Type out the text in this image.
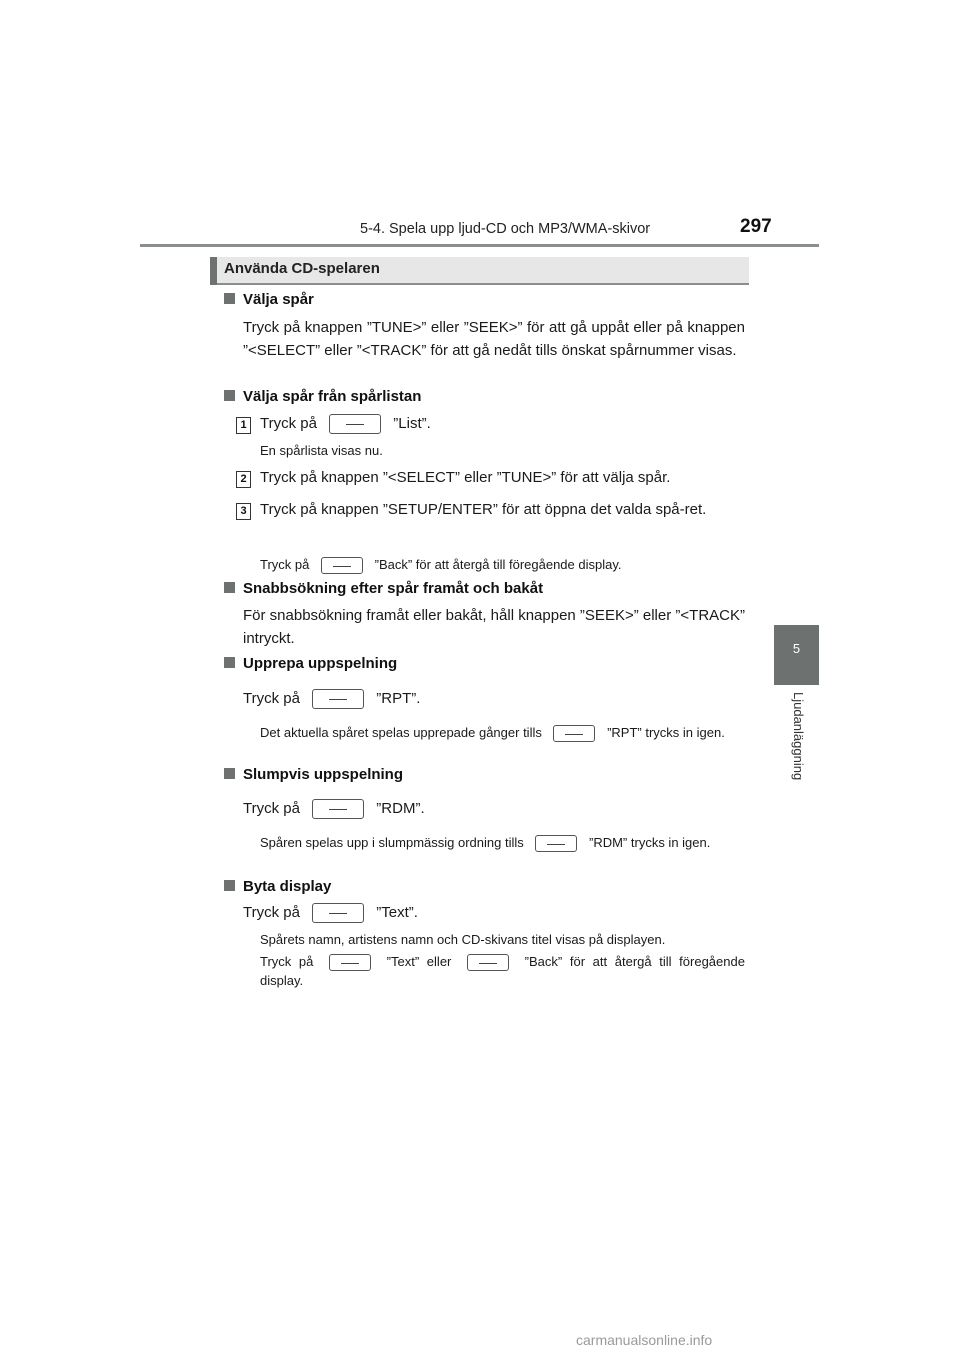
5-4. Spela upp ljud-CD och MP3/WMA-skivor	297
5
Ljudanläggning
Använda CD-spelaren
Välja spår
Tryck på knappen ”TUNE>” eller ”SEEK>” för att gå uppåt eller på knappen ”<SELECT” eller ”<TRACK” för att gå nedåt tills önskat spårnummer visas.
Välja spår från spårlistan
1 Tryck på	”List”.
En spårlista visas nu.
2 Tryck på knappen ”<SELECT” eller ”TUNE>” för att välja spår.
3 Tryck på knappen ”SETUP/ENTER” för att öppna det valda spå-ret.
Tryck på	”Back” för att återgå till föregående display.
Snabbsökning efter spår framåt och bakåt
För snabbsökning framåt eller bakåt, håll knappen ”SEEK>” eller ”<TRACK” intryckt.
Upprepa uppspelning
Tryck på	”RPT”.
Det aktuella spåret spelas upprepade gånger tills	”RPT” trycks in igen.
Slumpvis uppspelning
Tryck på	”RDM”.
Spåren spelas upp i slumpmässig ordning tills	”RDM” trycks in igen.
Byta display
Tryck på	”Text”.
Spårets namn, artistens namn och CD-skivans titel visas på displayen.
Tryck på	”Text” eller	”Back” för att återgå till föregående display.
carmanualsonline.info
